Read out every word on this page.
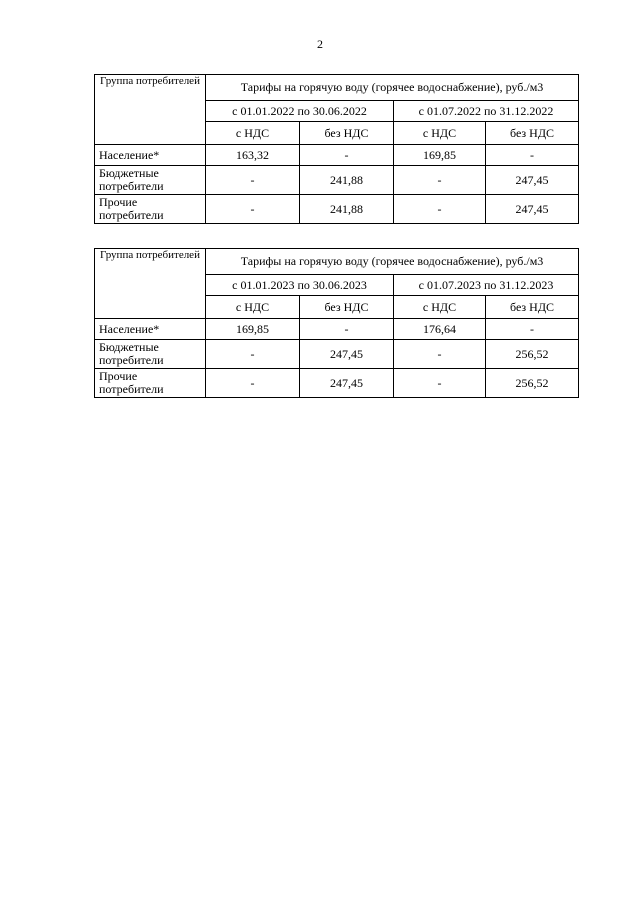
2
Группа потребителей	Тарифы на горячую воду (горячее водоснабжение), руб./м3			
	с 01.01.2022 по 30.06.2022		с 01.07.2022 по 31.12.2022	
	с НДС	без НДС	с НДС	без НДС
Население*	163,32	-	169,85	-
Бюджетные потребители	-	241,88	-	247,45
Прочие потребители	-	241,88	-	247,45
Группа потребителей	Тарифы на горячую воду (горячее водоснабжение), руб./м3			
	с 01.01.2023 по 30.06.2023		с 01.07.2023 по 31.12.2023	
	с НДС	без НДС	с НДС	без НДС
Население*	169,85	-	176,64	-
Бюджетные потребители	-	247,45	-	256,52
Прочие потребители	-	247,45	-	256,52
